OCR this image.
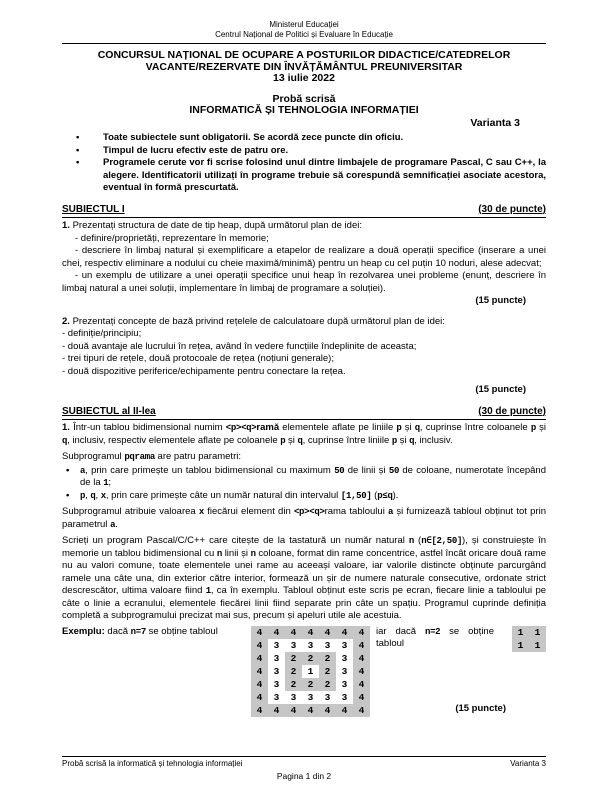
Ministerul Educației
Centrul Național de Politici și Evaluare în Educație
CONCURSUL NAȚIONAL DE OCUPARE A POSTURILOR DIDACTICE/CATEDRELOR
VACANTE/REZERVATE DIN ÎNVĂȚĂMÂNTUL PREUNIVERSITAR
13 iulie 2022
Probă scrisă
INFORMATICĂ ȘI TEHNOLOGIA INFORMAȚIEI
Varianta 3
• Toate subiectele sunt obligatorii. Se acordă zece puncte din oficiu.
• Timpul de lucru efectiv este de patru ore.
• Programele cerute vor fi scrise folosind unul dintre limbajele de programare Pascal, C sau C++, la alegere. Identificatorii utilizați în programe trebuie să corespundă semnificației asociate acestora, eventual în formă prescurtată.
SUBIECTUL I	(30 de puncte)
1. Prezentați structura de date de tip heap, după următorul plan de idei:
- definire/proprietăți, reprezentare în memorie;
- descriere în limbaj natural și exemplificare a etapelor de realizare a două operații specifice (inserare a unei chei, respectiv eliminare a nodului cu cheie maximă/minimă) pentru un heap cu cel puțin 10 noduri, alese adecvat;
- un exemplu de utilizare a unei operații specifice unui heap în rezolvarea unei probleme (enunț, descriere în limbaj natural a unei soluții, implementare în limbaj de programare a soluției).
(15 puncte)
2. Prezentați concepte de bază privind rețelele de calculatoare după următorul plan de idei:
- definiție/principiu;
- două avantaje ale lucrului în rețea, având în vedere funcțiile îndeplinite de aceasta;
- trei tipuri de rețele, două protocoale de rețea (noțiuni generale);
- două dispozitive periferice/echipamente pentru conectare la rețea.
(15 puncte)
SUBIECTUL al II-lea	(30 de puncte)
1. Într-un tablou bidimensional numim <p><q>ramă elementele aflate pe liniile p și q, cuprinse între coloanele p și q, inclusiv, respectiv elementele aflate pe coloanele p și q, cuprinse între liniile p și q, inclusiv.
Subprogramul pqrama are patru parametri:
• a, prin care primește un tablou bidimensional cu maximum 50 de linii și 50 de coloane, numerotate începând de la 1;
• p, q, x, prin care primește câte un număr natural din intervalul [1,50] (p≤q).
Subprogramul atribuie valoarea x fiecărui element din <p><q>rama tabloului a și furnizează tabloul obținut tot prin parametrul a.
Scrieți un program Pascal/C/C++ care citește de la tastatură un număr natural n (n∈[2,50]), și construiește în memorie un tablou bidimensional cu n linii și n coloane, format din rame concentrice, astfel încât oricare două rame nu au valori comune, toate elementele unei rame au aceeași valoare, iar valorile distincte obținute parcurgând ramele una câte una, din exterior către interior, formează un șir de numere naturale consecutive, ordonate strict descrescător, ultima valoare fiind 1, ca în exemplu. Tabloul obținut este scris pe ecran, fiecare linie a tabloului pe câte o linie a ecranului, elementele fiecărei linii fiind separate prin câte un spațiu. Programul cuprinde definiția completă a subprogramului precizat mai sus, precum și apeluri utile ale acestuia.
Exemplu: dacă n=7 se obține tabloul	4	4	4	4	4	4	4
4	3	3	3	3	3	4
4	3	2	2	2	3	4
4	3	2	1	2	3	4
4	3	2	2	2	3	4
4	3	3	3	3	3	4
4	4	4	4	4	4	4
iar dacă n=2 se obține tabloul
1	1
1	1
(15 puncte)
Probă scrisă la informatică și tehnologia informației	Varianta 3
Pagina 1 din 2
